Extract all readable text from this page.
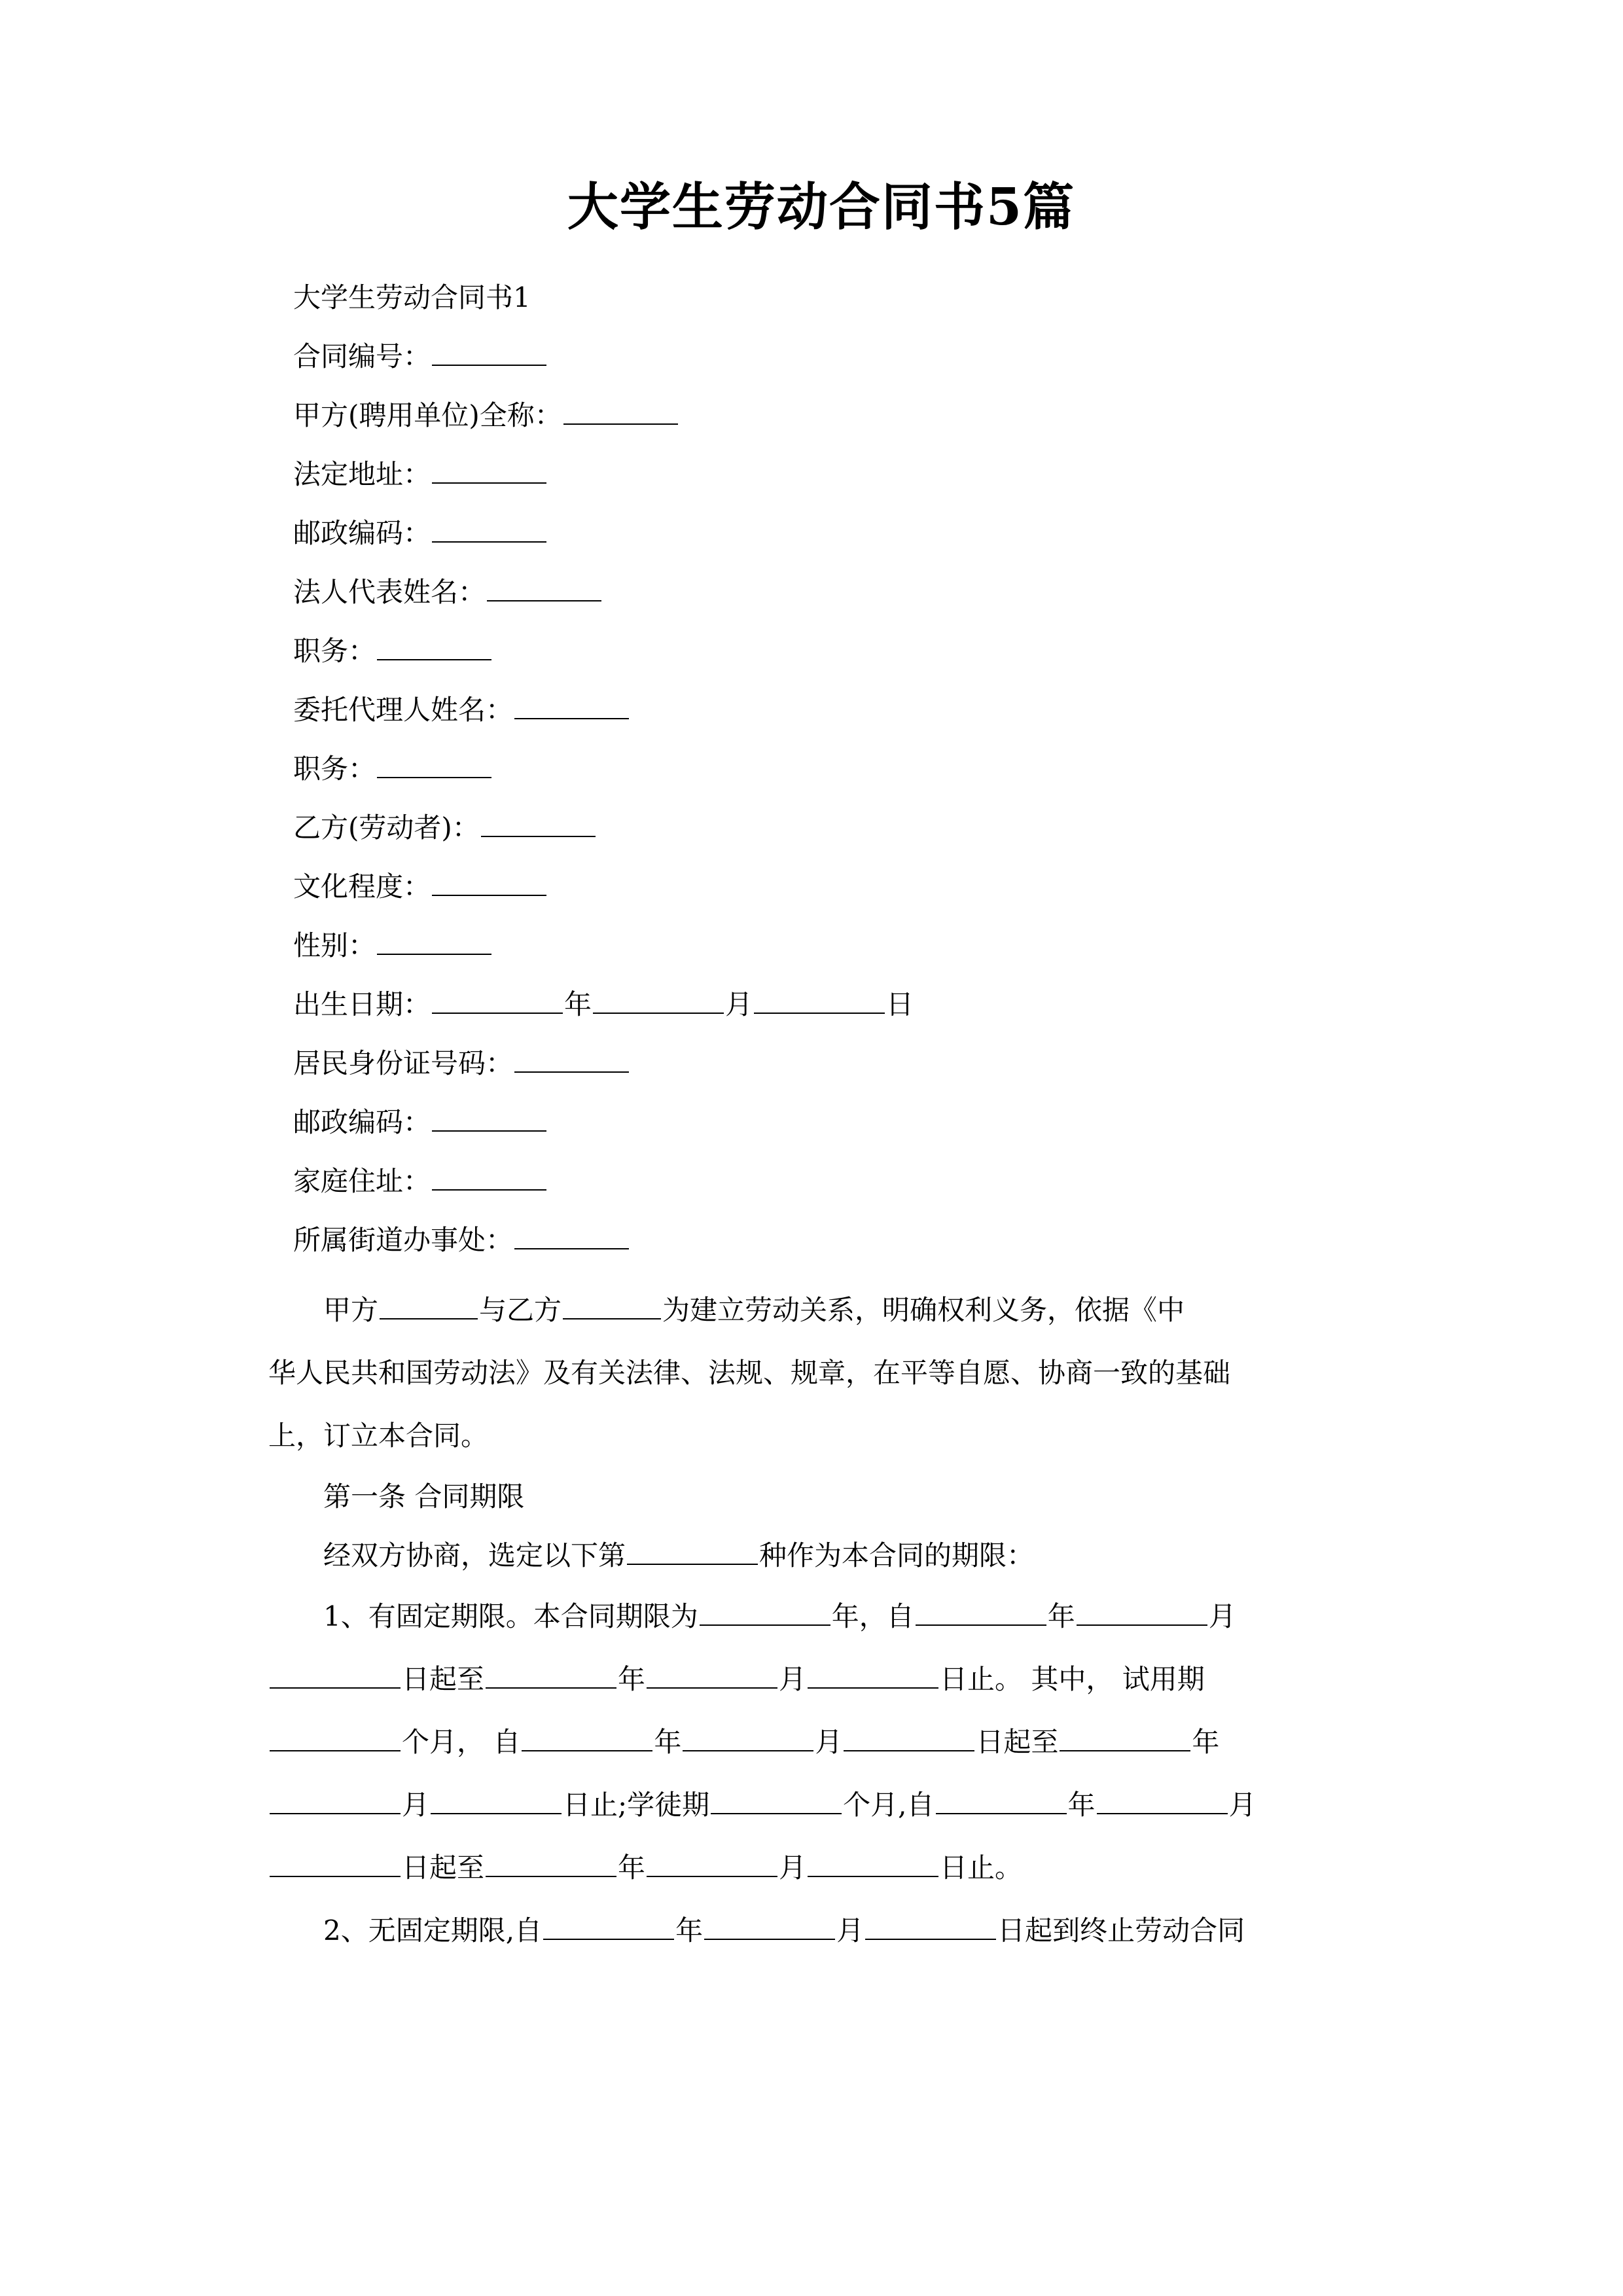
大学生劳动合同书5篇
大学生劳动合同书1
合同编号：
甲方(聘用单位)全称：
法定地址：
邮政编码：
法人代表姓名：
职务：
委托代理人姓名：
职务：
乙方(劳动者)：
文化程度：
性别：
出生日期：	年	月	日
居民身份证号码：
邮政编码：
家庭住址：
所属街道办事处：
甲方	与乙方	为建立劳动关系，明确权利义务，依据《中
华人民共和国劳动法》及有关法律、法规、规章，在平等自愿、协商一致的基础
上，订立本合同。
第一条 合同期限
经双方协商，选定以下第	种作为本合同的期限：
1、有固定期限。本合同期限为	年，自	年	月
日起至	年	月	日止。 其中， 试用期
个月， 自	年	月	日起至	年
月	日止;学徒期	个月,自	年	月
日起至	年	月	日止。
2、无固定期限,自	年	月	日起到终止劳动合同
